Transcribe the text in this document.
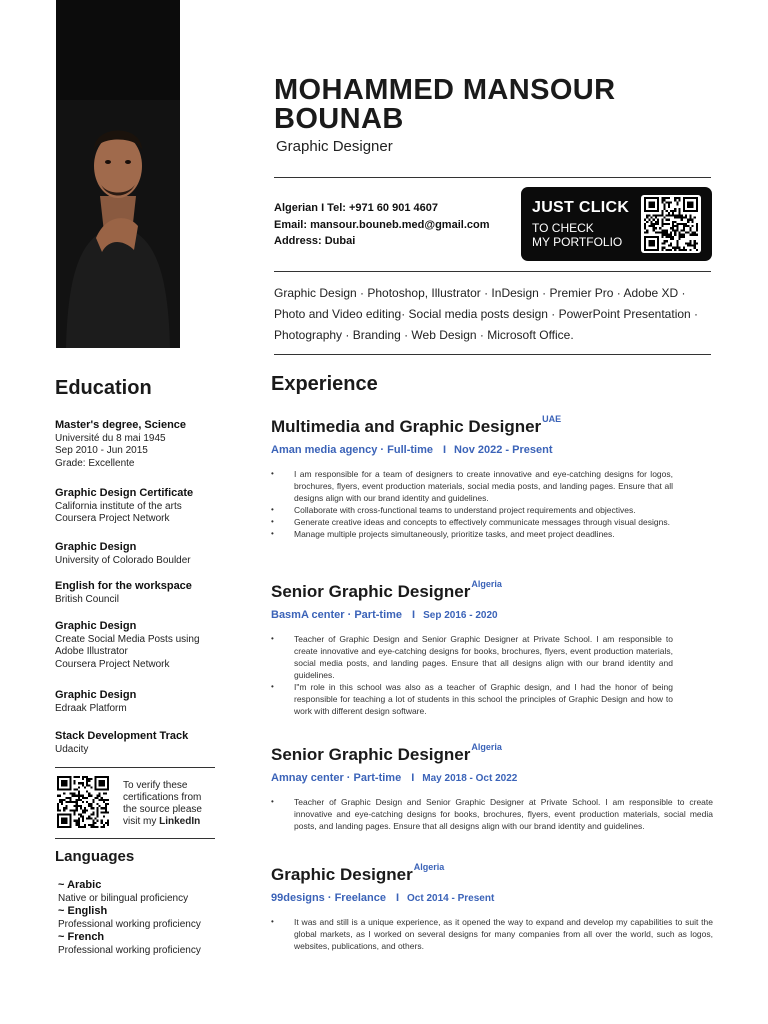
MOHAMMED MANSOUR BOUNAB
Graphic Designer
Algerian I Tel: +971 60 901 4607
Email: mansour.bouneb.med@gmail.com
Address: Dubai
JUST CLICK
TO CHECK
MY PORTFOLIO
Graphic Design · Photoshop, Illustrator · InDesign · Premier Pro · Adobe XD ·
Photo and Video editing· Social media posts design · PowerPoint Presentation ·
Photography · Branding · Web Design · Microsoft Office.
Education
Master's degree, Science
Université du 8 mai 1945
Sep 2010 - Jun 2015
Grade: Excellente
Graphic Design Certificate
California institute of the arts
Coursera Project Network
Graphic Design
University of Colorado Boulder
English for the workspace
British Council
Graphic Design
Create Social Media Posts using
Adobe Illustrator
Coursera Project Network
Graphic Design
Edraak Platform
Stack Development Track
Udacity
To verify these
certifications from
the source please
visit my LinkedIn
Languages
~ Arabic
Native or bilingual proficiency
~ English
Professional working proficiency
~ French
Professional working proficiency
Experience
Multimedia and Graphic Designer$^{UAE}$
Aman media agency · Full-time I Nov 2022 - Present
• I am responsible for a team of designers to create innovative and eye-catching designs for logos, brochures, flyers, event production materials, social media posts, and landing pages. Ensure that all designs align with our brand identity and guidelines.
• Collaborate with cross-functional teams to understand project requirements and objectives.
• Generate creative ideas and concepts to effectively communicate messages through visual designs.
• Manage multiple projects simultaneously, prioritize tasks, and meet project deadlines.
Senior Graphic Designer$^{Algeria}$
BasmA center · Part-time I Sep 2016 - 2020
• Teacher of Graphic Design and Senior Graphic Designer at Private School. I am responsible to create innovative and eye-catching designs for books, brochures, flyers, event production materials, social media posts, and landing pages. Ensure that all designs align with our brand identity and guidelines.
• I"m role in this school was also as a teacher of Graphic design, and I had the honor of being responsible for teaching a lot of students in this school the principles of Graphic Design and how to work with different design software.
Senior Graphic Designer$^{Algeria}$
Amnay center · Part-time I May 2018 - Oct 2022
• Teacher of Graphic Design and Senior Graphic Designer at Private School. I am responsible to create innovative and eye-catching designs for books, brochures, flyers, event production materials, social media posts, and landing pages. Ensure that all designs align with our brand identity and guidelines.
Graphic Designer$^{Algeria}$
99designs · Freelance I Oct 2014 - Present
• It was and still is a unique experience, as it opened the way to expand and develop my capabilities to suit the global markets, as I worked on several designs for many companies from all over the world, such as logos, websites, publications, and others.
